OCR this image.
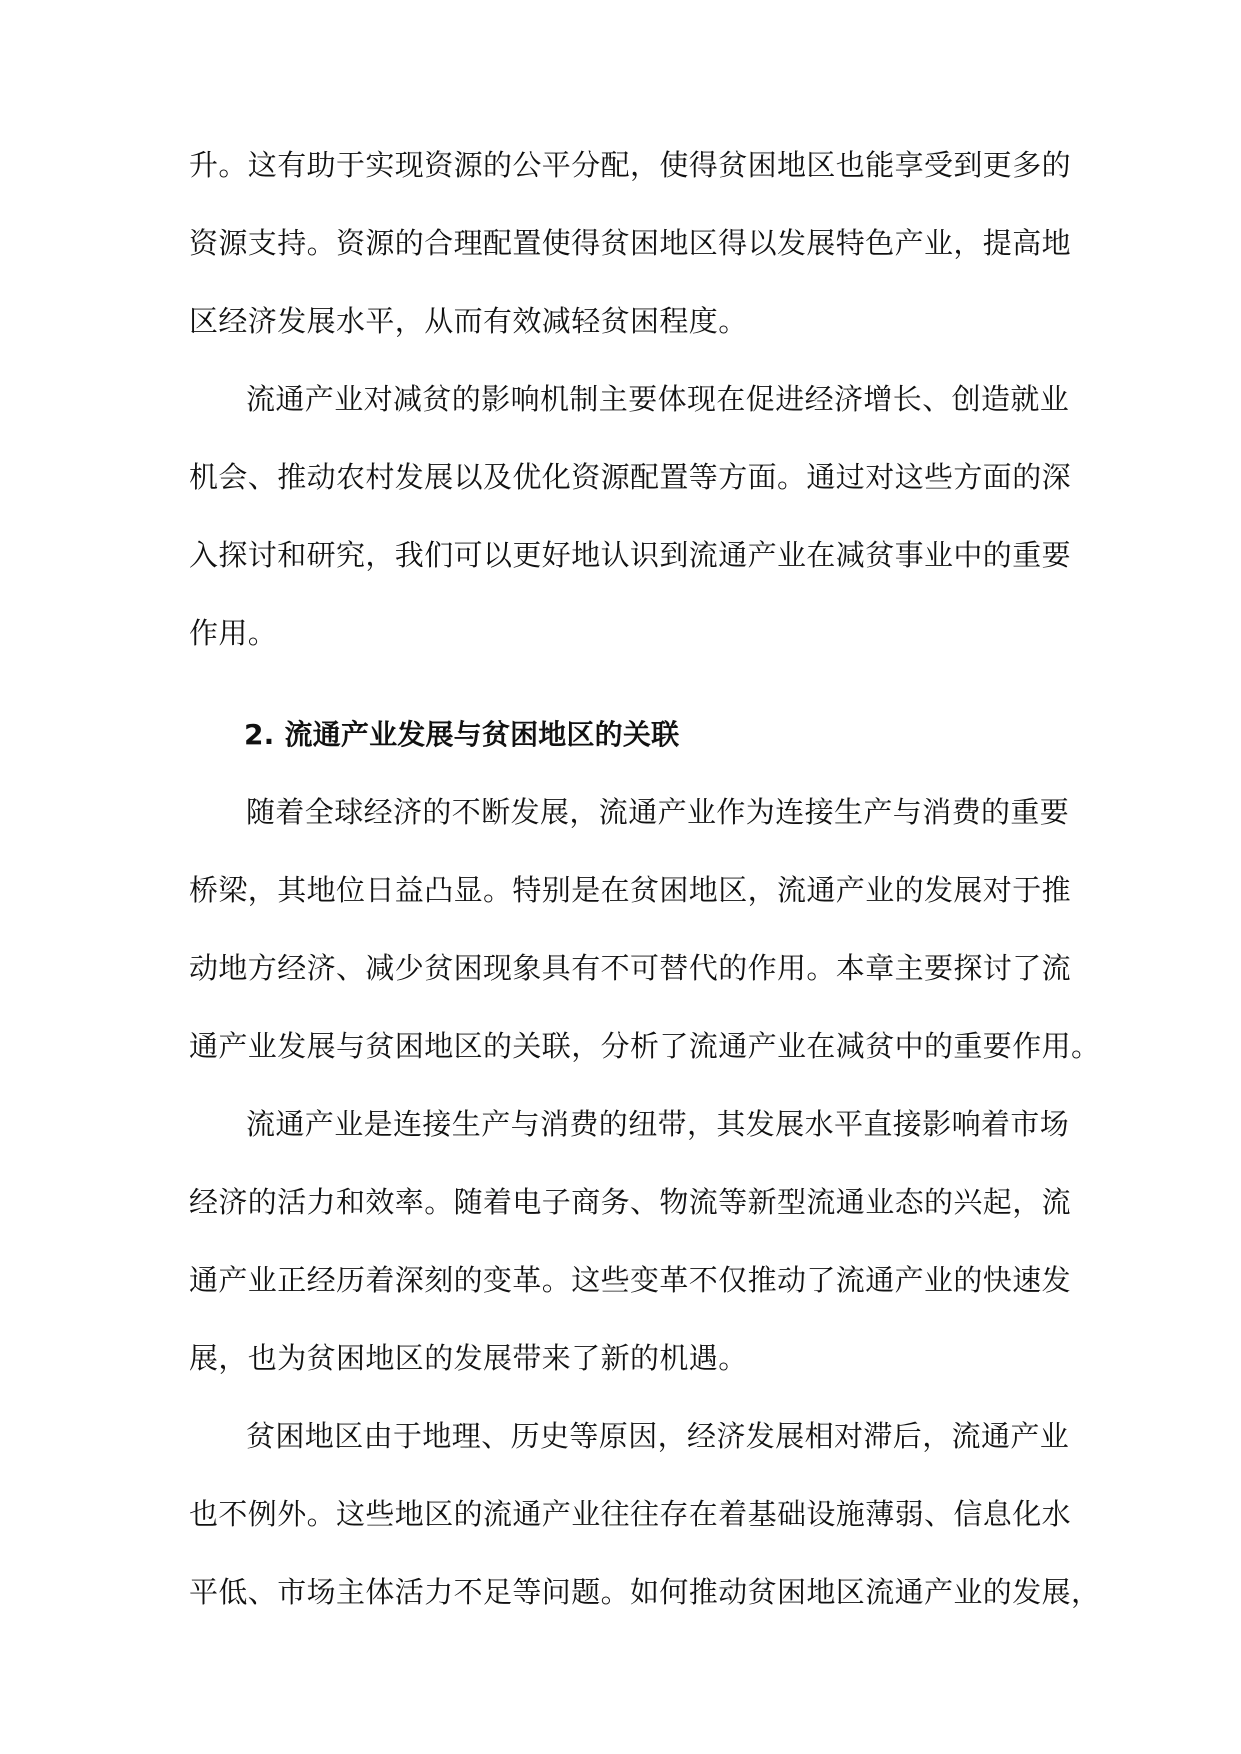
升。这有助于实现资源的公平分配，使得贫困地区也能享受到更多的
资源支持。资源的合理配置使得贫困地区得以发展特色产业，提高地
区经济发展水平，从而有效减轻贫困程度。
流通产业对减贫的影响机制主要体现在促进经济增长、创造就业
机会、推动农村发展以及优化资源配置等方面。通过对这些方面的深
入探讨和研究，我们可以更好地认识到流通产业在减贫事业中的重要
作用。
2. 流通产业发展与贫困地区的关联
随着全球经济的不断发展，流通产业作为连接生产与消费的重要
桥梁，其地位日益凸显。特别是在贫困地区，流通产业的发展对于推
动地方经济、减少贫困现象具有不可替代的作用。本章主要探讨了流
通产业发展与贫困地区的关联，分析了流通产业在减贫中的重要作用。
流通产业是连接生产与消费的纽带，其发展水平直接影响着市场
经济的活力和效率。随着电子商务、物流等新型流通业态的兴起，流
通产业正经历着深刻的变革。这些变革不仅推动了流通产业的快速发
展，也为贫困地区的发展带来了新的机遇。
贫困地区由于地理、历史等原因，经济发展相对滞后，流通产业
也不例外。这些地区的流通产业往往存在着基础设施薄弱、信息化水
平低、市场主体活力不足等问题。如何推动贫困地区流通产业的发展，
